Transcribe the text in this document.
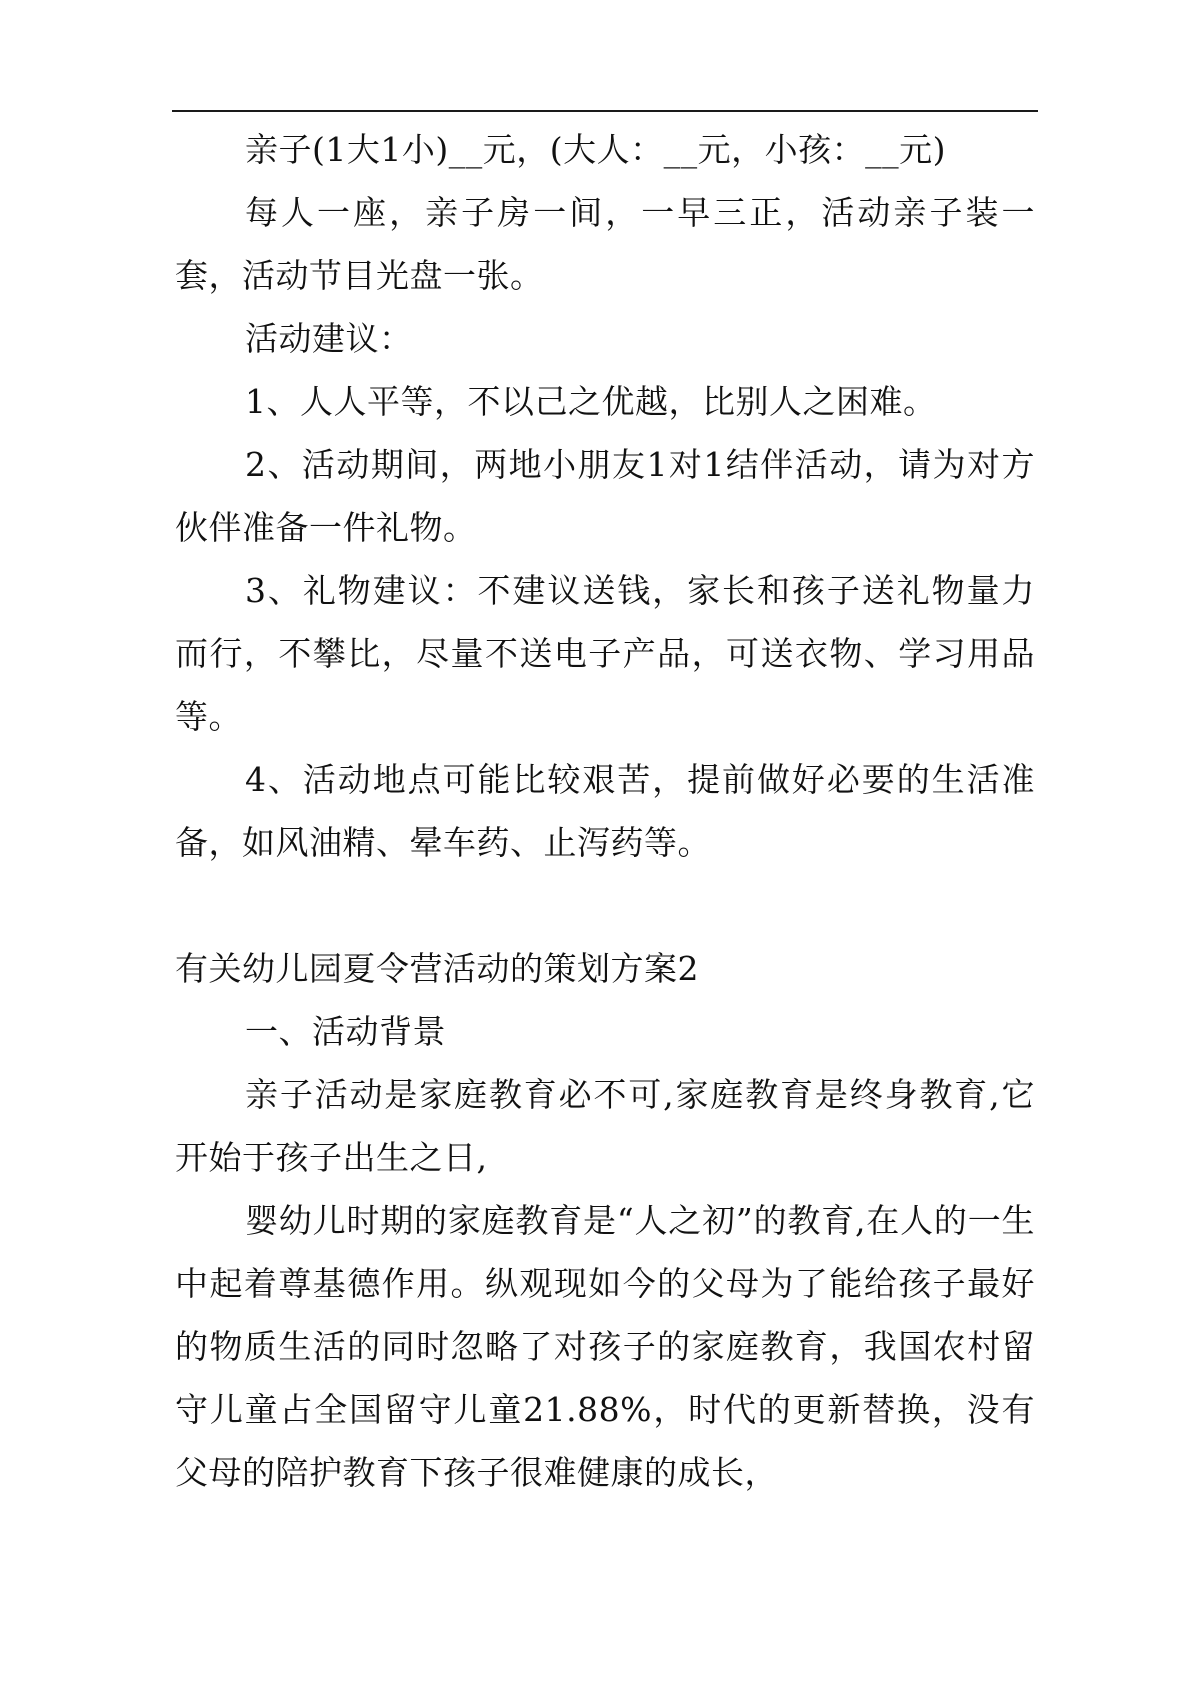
亲子(1大1小)__元，(大人：__元，小孩：__元)

每人一座，亲子房一间，一早三正，活动亲子装一套，活动节目光盘一张。

活动建议：

1、人人平等，不以己之优越，比别人之困难。

2、活动期间，两地小朋友1对1结伴活动，请为对方伙伴准备一件礼物。

3、礼物建议：不建议送钱，家长和孩子送礼物量力而行，不攀比，尽量不送电子产品，可送衣物、学习用品等。

4、活动地点可能比较艰苦，提前做好必要的生活准备，如风油精、晕车药、止泻药等。

有关幼儿园夏令营活动的策划方案2

一、活动背景

亲子活动是家庭教育必不可,家庭教育是终身教育,它开始于孩子出生之日,

婴幼儿时期的家庭教育是“人之初”的教育,在人的一生中起着尊基德作用。纵观现如今的父母为了能给孩子最好的物质生活的同时忽略了对孩子的家庭教育，我国农村留守儿童占全国留守儿童21.88%，时代的更新替换，没有父母的陪护教育下孩子很难健康的成长，
